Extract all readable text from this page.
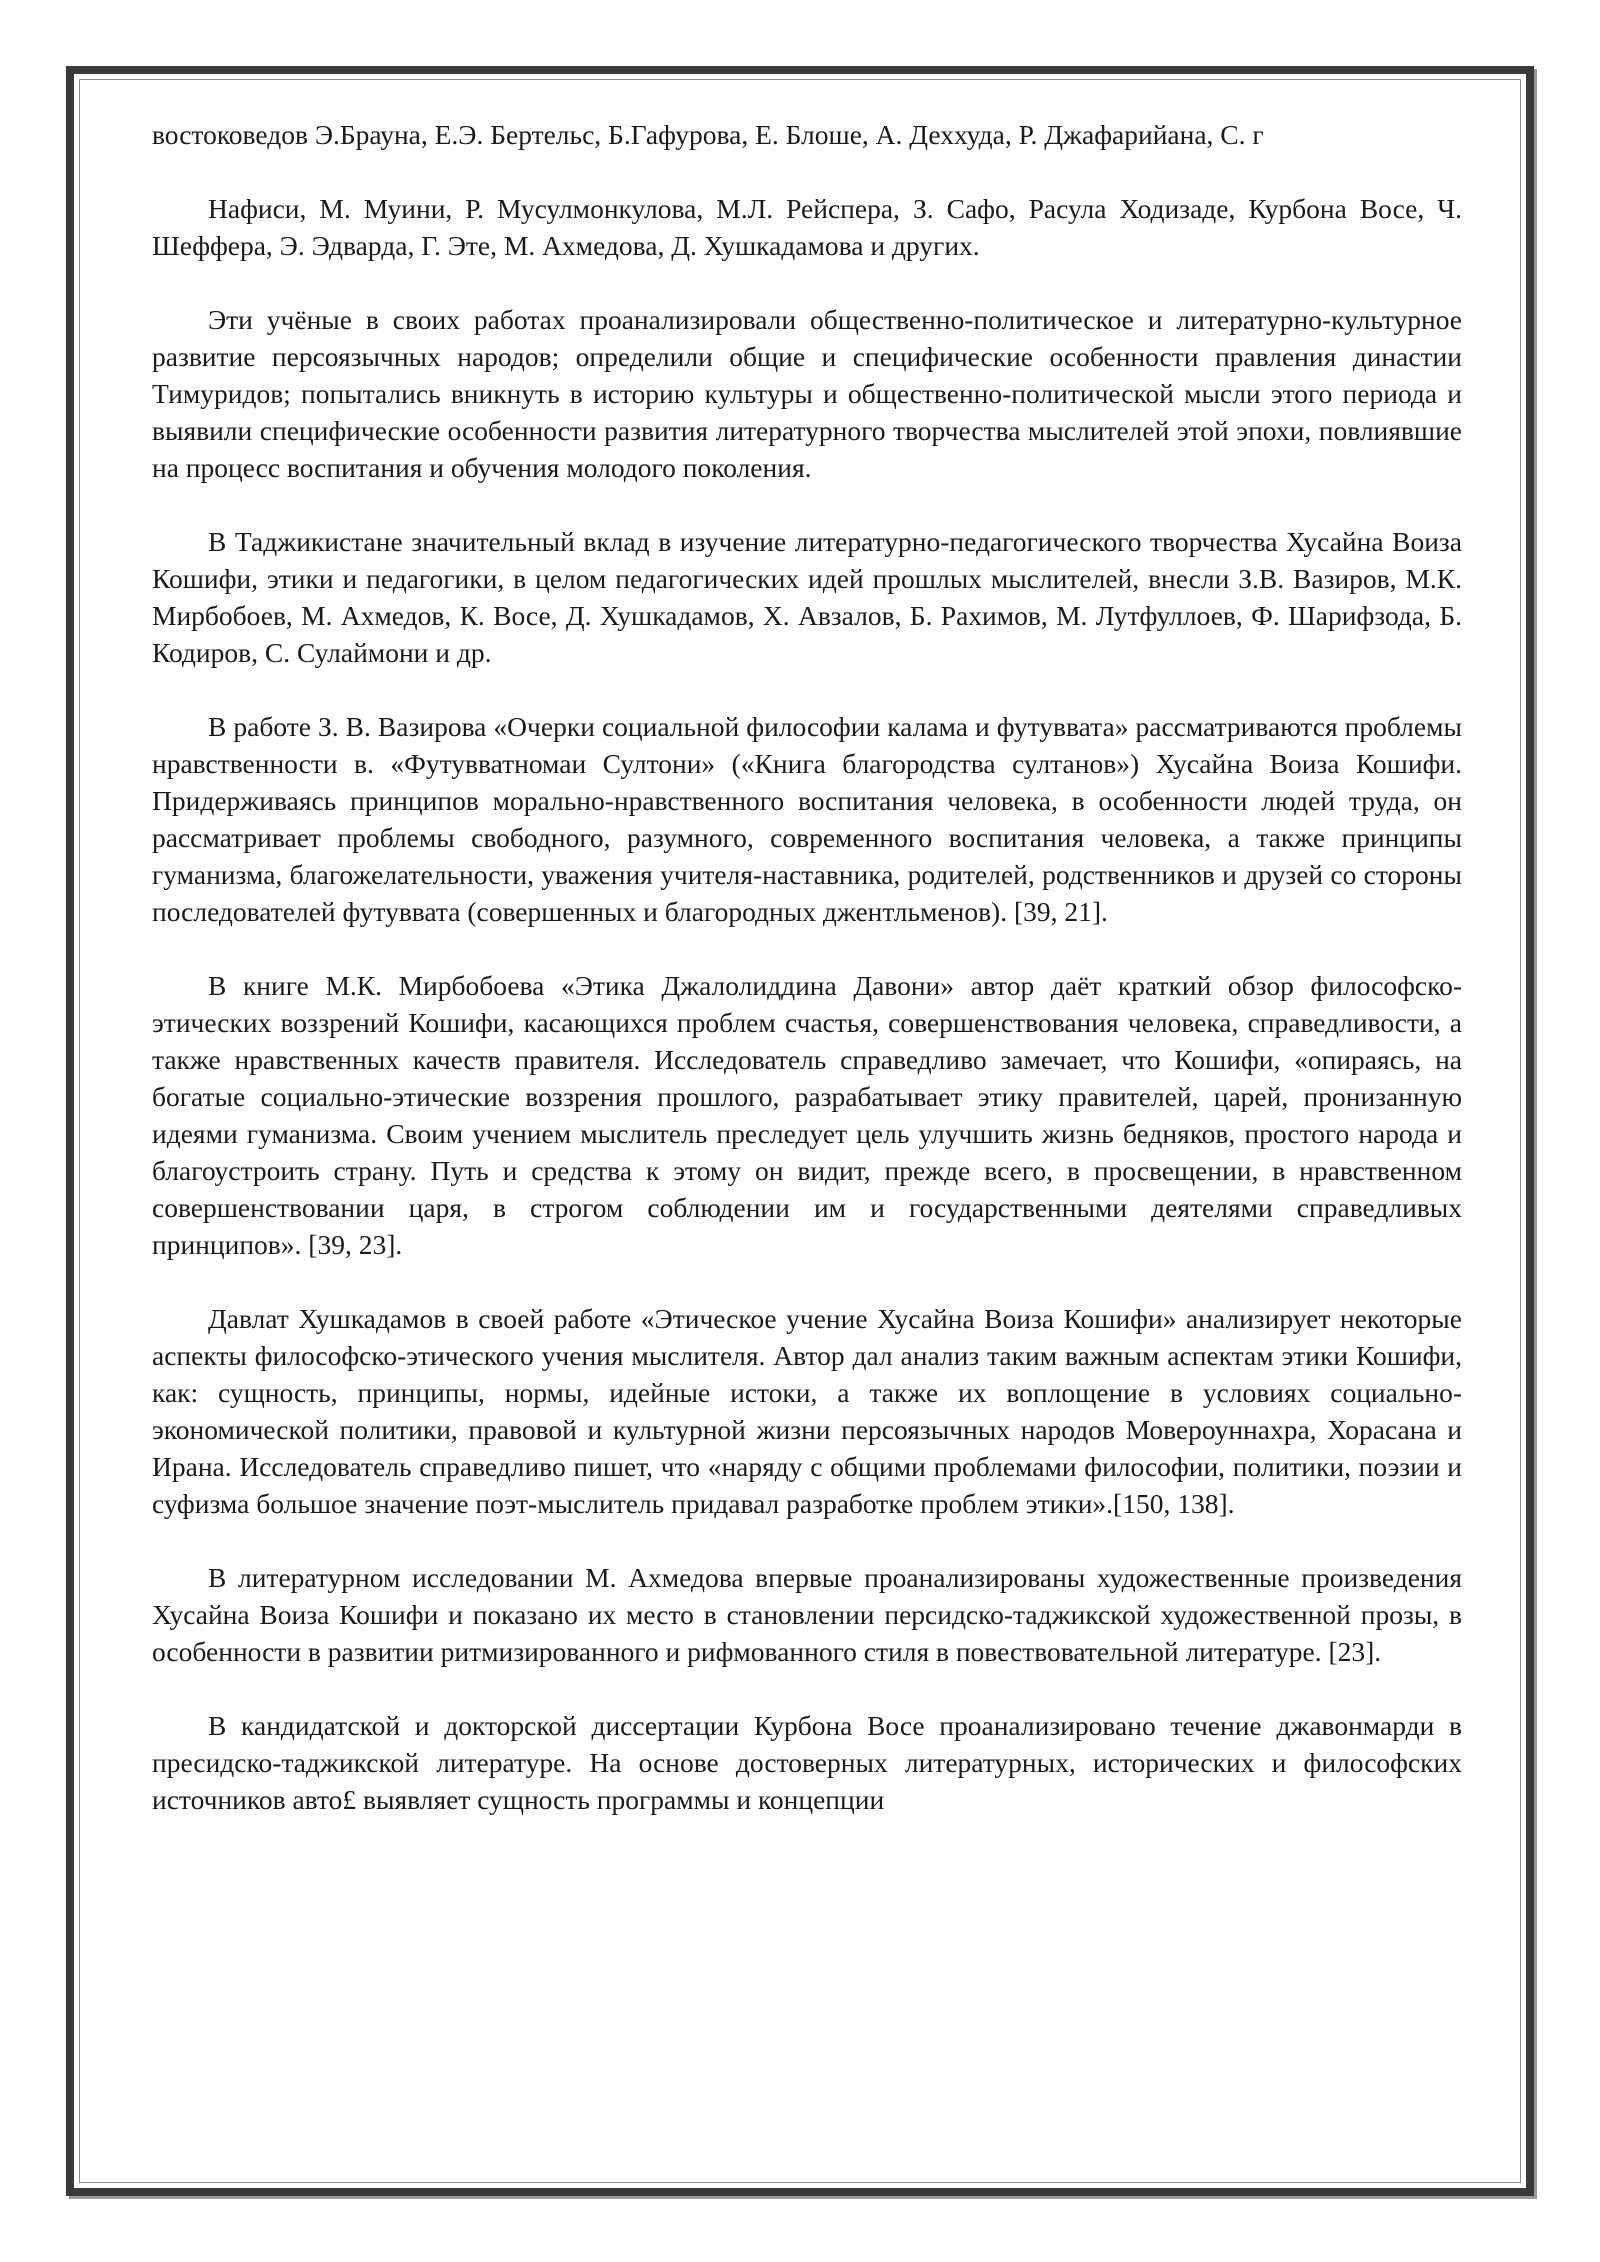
востоковедов Э.Брауна, Е.Э. Бертельс, Б.Гафурова, Е. Блоше, А. Деххуда, Р. Джафарийана, С. г

Нафиси, М. Муини, Р. Мусулмонкулова, М.Л. Рейспера, З. Сафо, Расула Ходизаде, Курбона Восе, Ч. Шеффера, Э. Эдварда, Г. Эте, М. Ахмедова, Д. Хушкадамова и других.

Эти учёные в своих работах проанализировали общественно-политическое и литературно-культурное развитие персоязычных народов; определили общие и специфические особенности правления династии Тимуридов; попытались вникнуть в историю культуры и общественно-политической мысли этого периода и выявили специфические особенности развития литературного творчества мыслителей этой эпохи, повлиявшие на процесс воспитания и обучения молодого поколения.

В Таджикистане значительный вклад в изучение литературно-педагогического творчества Хусайна Воиза Кошифи, этики и педагогики, в целом педагогических идей прошлых мыслителей, внесли З.В. Вазиров, М.К. Мирбобоев, М. Ахмедов, К. Восе, Д. Хушкадамов, Х. Авзалов, Б. Рахимов, М. Лутфуллоев, Ф. Шарифзода, Б. Кодиров, С. Сулаймони и др.

В работе З. В. Вазирова «Очерки социальной философии калама и футуввата» рассматриваются проблемы нравственности в. «Футувватномаи Султони» («Книга благородства султанов») Хусайна Воиза Кошифи. Придерживаясь принципов морально-нравственного воспитания человека, в особенности людей труда, он рассматривает проблемы свободного, разумного, современного воспитания человека, а также принципы гуманизма, благожелательности, уважения учителя-наставника, родителей, родственников и друзей со стороны последователей футуввата (совершенных и благородных джентльменов). [39, 21].

В книге М.К. Мирбобоева «Этика Джалолиддина Давони» автор даёт краткий обзор философско-этических воззрений Кошифи, касающихся проблем счастья, совершенствования человека, справедливости, а также нравственных качеств правителя. Исследователь справедливо замечает, что Кошифи, «опираясь, на богатые социально-этические воззрения прошлого, разрабатывает этику правителей, царей, пронизанную идеями гуманизма. Своим учением мыслитель преследует цель улучшить жизнь бедняков, простого народа и благоустроить страну. Путь и средства к этому он видит, прежде всего, в просвещении, в нравственном совершенствовании царя, в строгом соблюдении им и государственными деятелями справедливых принципов». [39, 23].

Давлат Хушкадамов в своей работе «Этическое учение Хусайна Воиза Кошифи» анализирует некоторые аспекты философско-этического учения мыслителя. Автор дал анализ таким важным аспектам этики Кошифи, как: сущность, принципы, нормы, идейные истоки, а также их воплощение в условиях социально-экономической политики, правовой и культурной жизни персоязычных народов Мовероуннахра, Хорасана и Ирана. Исследователь справедливо пишет, что «наряду с общими проблемами философии, политики, поэзии и суфизма большое значение поэт-мыслитель придавал разработке проблем этики».[150, 138].

В литературном исследовании М. Ахмедова впервые проанализированы художественные произведения Хусайна Воиза Кошифи и показано их место в становлении персидско-таджикской художественной прозы, в особенности в развитии ритмизированного и рифмованного стиля в повествовательной литературе. [23].

В кандидатской и докторской диссертации Курбона Восе проанализировано течение джавонмарди в пресидско-таджикской литературе. На основе достоверных литературных, исторических и философских источников авто£ выявляет сущность программы и концепции
